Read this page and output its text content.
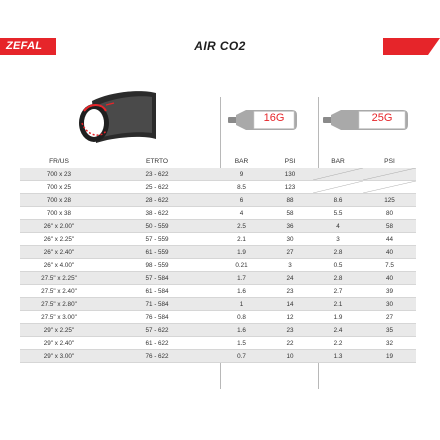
ZEFAL	AIR CO2
16G	25G
FR/US	ETRTO	BAR	PSI	BAR	PSI
700 x 23	23 - 622	9	130	

700 x 25	25 - 622	8.5	123	

700 x 28	28 - 622	6	88	8.6	125
700 x 38	38 - 622	4	58	5.5	80
26" x 2.00"	50 - 559	2.5	36	4	58
26" x 2.25"	57 - 559	2.1	30	3	44
26" x 2.40"	61 - 559	1.9	27	2.8	40
26" x 4.00"	98 - 559	0.21	3	0.5	7.5
27.5" x 2.25"	57 - 584	1.7	24	2.8	40
27.5" x 2.40"	61 - 584	1.6	23	2.7	39
27.5" x 2.80"	71 - 584	1	14	2.1	30
27.5" x 3.00"	76 - 584	0.8	12	1.9	27
29" x 2.25"	57 - 622	1.6	23	2.4	35
29" x 2.40"	61 - 622	1.5	22	2.2	32
29" x 3.00"	76 - 622	0.7	10	1.3	19
